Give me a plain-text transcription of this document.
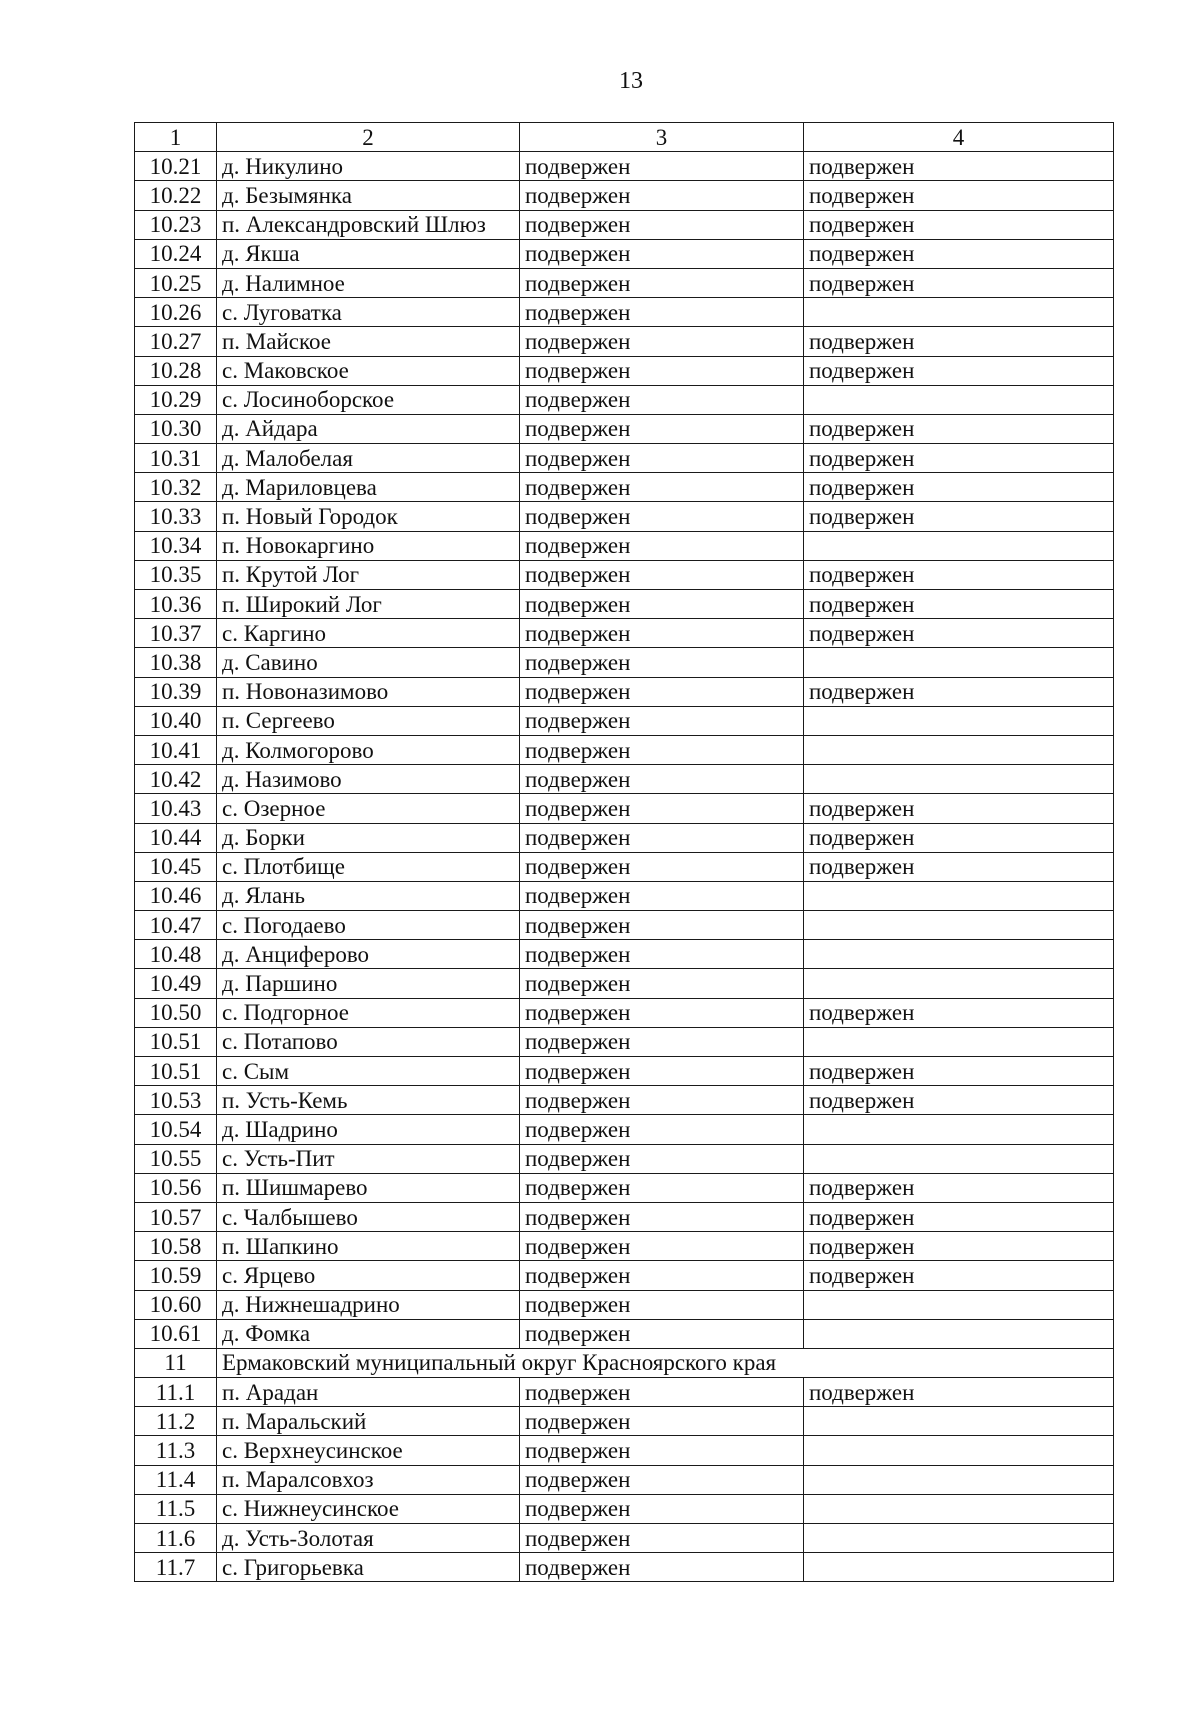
13
1	2	3	4
10.21	д. Никулино	подвержен	подвержен
10.22	д. Безымянка	подвержен	подвержен
10.23	п. Александровский Шлюз	подвержен	подвержен
10.24	д. Якша	подвержен	подвержен
10.25	д. Налимное	подвержен	подвержен
10.26	с. Луговатка	подвержен	
10.27	п. Майское	подвержен	подвержен
10.28	с. Маковское	подвержен	подвержен
10.29	с. Лосиноборское	подвержен	
10.30	д. Айдара	подвержен	подвержен
10.31	д. Малобелая	подвержен	подвержен
10.32	д. Мариловцева	подвержен	подвержен
10.33	п. Новый Городок	подвержен	подвержен
10.34	п. Новокаргино	подвержен	
10.35	п. Крутой Лог	подвержен	подвержен
10.36	п. Широкий Лог	подвержен	подвержен
10.37	с. Каргино	подвержен	подвержен
10.38	д. Савино	подвержен	
10.39	п. Новоназимово	подвержен	подвержен
10.40	п. Сергеево	подвержен	
10.41	д. Колмогорово	подвержен	
10.42	д. Назимово	подвержен	
10.43	с. Озерное	подвержен	подвержен
10.44	д. Борки	подвержен	подвержен
10.45	с. Плотбище	подвержен	подвержен
10.46	д. Ялань	подвержен	
10.47	с. Погодаево	подвержен	
10.48	д. Анциферово	подвержен	
10.49	д. Паршино	подвержен	
10.50	с. Подгорное	подвержен	подвержен
10.51	с. Потапово	подвержен	
10.51	с. Сым	подвержен	подвержен
10.53	п. Усть-Кемь	подвержен	подвержен
10.54	д. Шадрино	подвержен	
10.55	с. Усть-Пит	подвержен	
10.56	п. Шишмарево	подвержен	подвержен
10.57	с. Чалбышево	подвержен	подвержен
10.58	п. Шапкино	подвержен	подвержен
10.59	с. Ярцево	подвержен	подвержен
10.60	д. Нижнешадрино	подвержен	
10.61	д. Фомка	подвержен	
11	Ермаковский муниципальный округ Красноярского края		
11.1	п. Арадан	подвержен	подвержен
11.2	п. Маральский	подвержен	
11.3	с. Верхнеусинское	подвержен	
11.4	п. Маралсовхоз	подвержен	
11.5	с. Нижнеусинское	подвержен	
11.6	д. Усть-Золотая	подвержен	
11.7	с. Григорьевка	подвержен	
